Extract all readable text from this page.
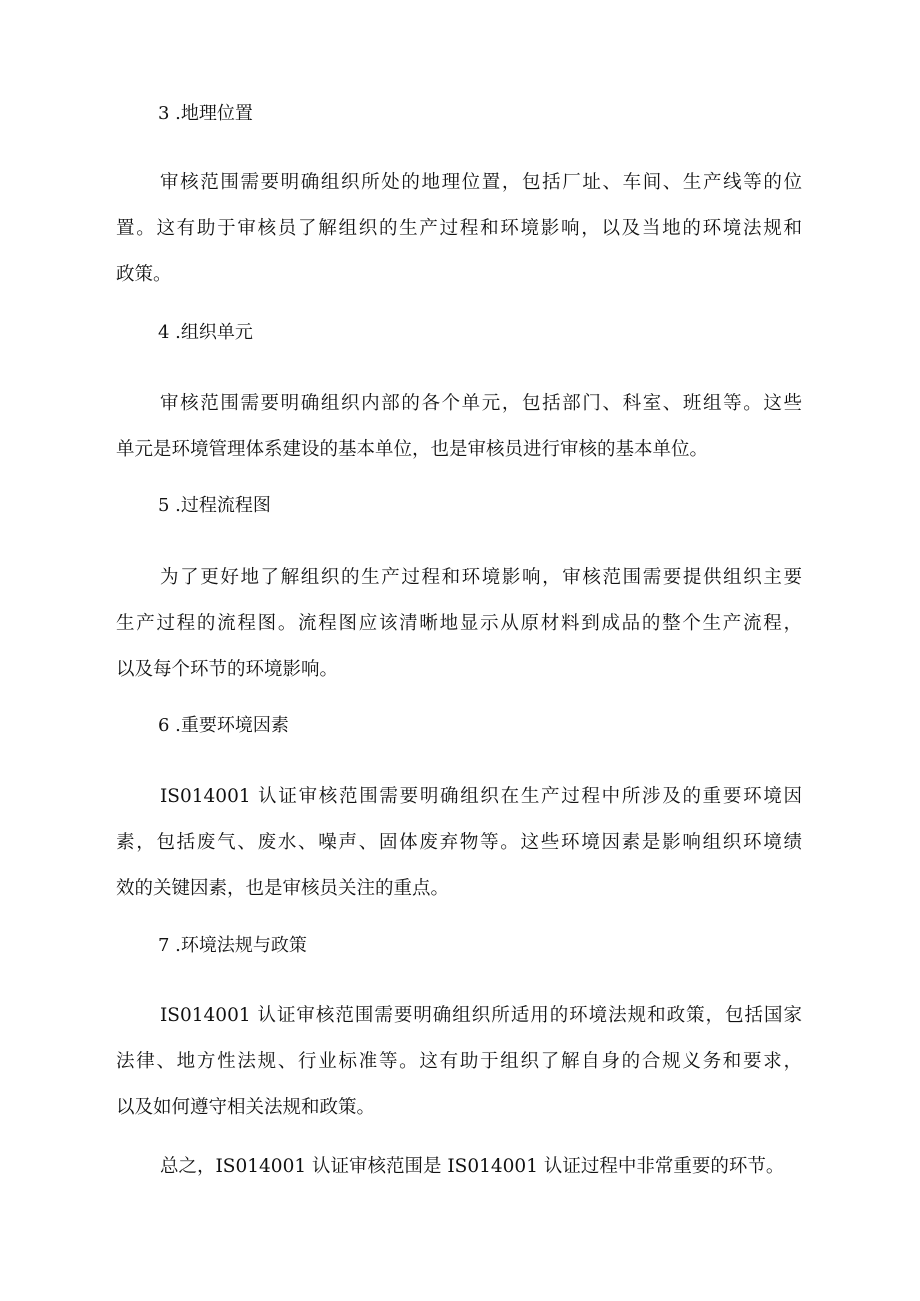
3 .地理位置
审核范围需要明确组织所处的地理位置，包括厂址、车间、生产线等的位
置。这有助于审核员了解组织的生产过程和环境影响，以及当地的环境法规和
政策。
4 .组织单元
审核范围需要明确组织内部的各个单元，包括部门、科室、班组等。这些
单元是环境管理体系建设的基本单位，也是审核员进行审核的基本单位。
5 .过程流程图
为了更好地了解组织的生产过程和环境影响，审核范围需要提供组织主要
生产过程的流程图。流程图应该清晰地显示从原材料到成品的整个生产流程，
以及每个环节的环境影响。
6 .重要环境因素
IS014001 认证审核范围需要明确组织在生产过程中所涉及的重要环境因
素，包括废气、废水、噪声、固体废弃物等。这些环境因素是影响组织环境绩
效的关键因素，也是审核员关注的重点。
7 .环境法规与政策
IS014001 认证审核范围需要明确组织所适用的环境法规和政策，包括国家
法律、地方性法规、行业标准等。这有助于组织了解自身的合规义务和要求，
以及如何遵守相关法规和政策。
总之，IS014001 认证审核范围是 IS014001 认证过程中非常重要的环节。
